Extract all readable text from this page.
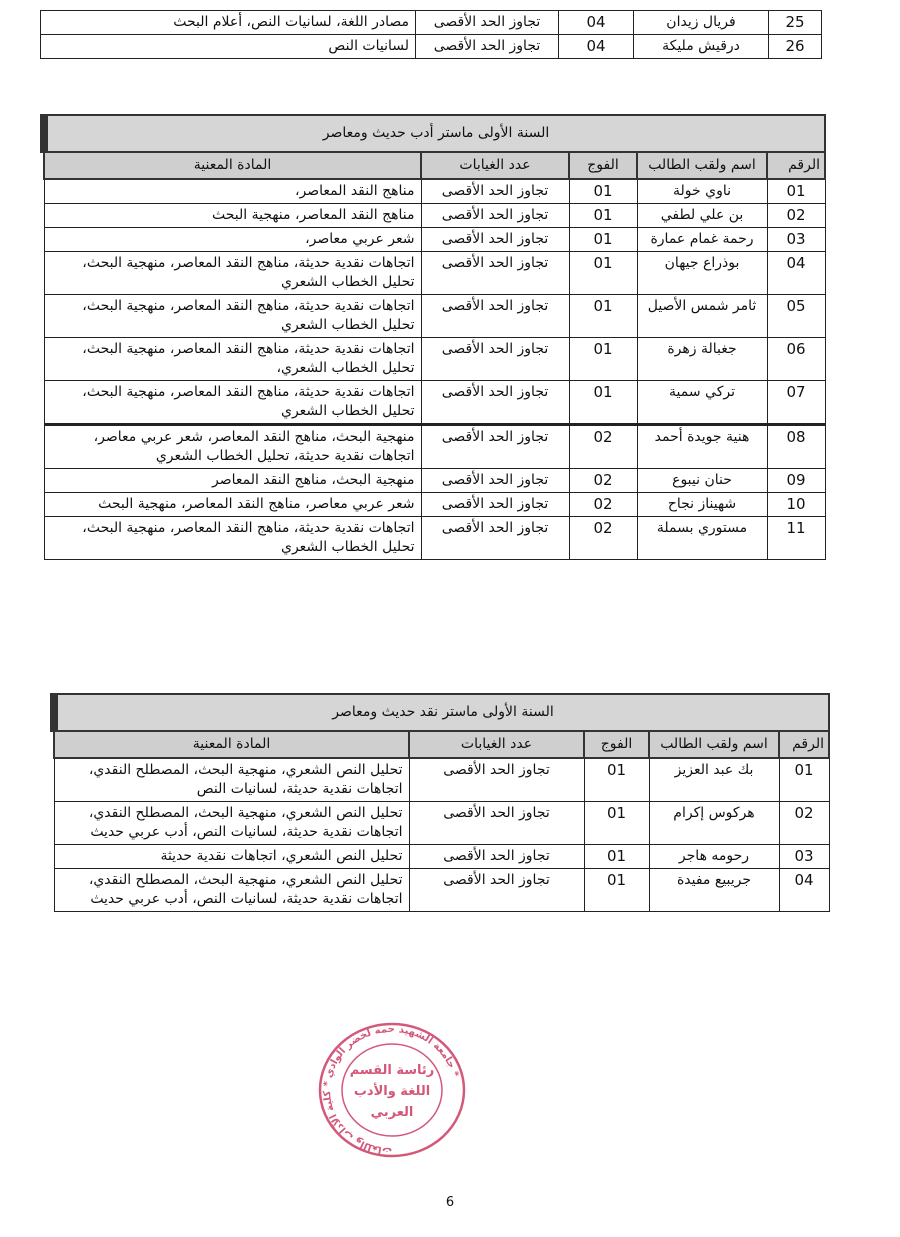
25	فريال زيدان	04	تجاوز الحد الأقصى	مصادر اللغة، لسانيات النص، أعلام البحث
26	درقيش مليكة	04	تجاوز الحد الأقصى	لسانيات النص
السنة الأولى ماستر أدب حديث ومعاصر				
الرقم	اسم ولقب الطالب	الفوج	عدد الغيابات	المادة المعنية
01	ناوي خولة	01	تجاوز الحد الأقصى	مناهج النقد المعاصر،
02	بن علي لطفي	01	تجاوز الحد الأقصى	مناهج النقد المعاصر، منهجية البحث
03	رحمة غمام عمارة	01	تجاوز الحد الأقصى	شعر عربي معاصر،
04	بوذراع جيهان	01	تجاوز الحد الأقصى	اتجاهات نقدية حديثة، مناهج النقد المعاصر، منهجية البحث، تحليل الخطاب الشعري
05	ثامر شمس الأصيل	01	تجاوز الحد الأقصى	اتجاهات نقدية حديثة، مناهج النقد المعاصر، منهجية البحث، تحليل الخطاب الشعري
06	جغبالة زهرة	01	تجاوز الحد الأقصى	اتجاهات نقدية حديثة، مناهج النقد المعاصر، منهجية البحث، تحليل الخطاب الشعري،
07	تركي سمية	01	تجاوز الحد الأقصى	اتجاهات نقدية حديثة، مناهج النقد المعاصر، منهجية البحث، تحليل الخطاب الشعري
08	هنية جويدة أحمد	02	تجاوز الحد الأقصى	منهجية البحث، مناهج النقد المعاصر، شعر عربي معاصر، اتجاهات نقدية حديثة، تحليل الخطاب الشعري
09	حنان نيبوع	02	تجاوز الحد الأقصى	منهجية البحث، مناهج النقد المعاصر
10	شهيناز نجاح	02	تجاوز الحد الأقصى	شعر عربي معاصر، مناهج النقد المعاصر، منهجية البحث
11	مستوري بسملة	02	تجاوز الحد الأقصى	اتجاهات نقدية حديثة، مناهج النقد المعاصر، منهجية البحث، تحليل الخطاب الشعري
السنة الأولى ماستر نقد حديث ومعاصر				
الرقم	اسم ولقب الطالب	الفوج	عدد الغيابات	المادة المعنية
01	بك عبد العزيز	01	تجاوز الحد الأقصى	تحليل النص الشعري، منهجية البحث، المصطلح النقدي، اتجاهات نقدية حديثة، لسانيات النص
02	هركوس إكرام	01	تجاوز الحد الأقصى	تحليل النص الشعري، منهجية البحث، المصطلح النقدي، اتجاهات نقدية حديثة، لسانيات النص، أدب عربي حديث
03	رحومه هاجر	01	تجاوز الحد الأقصى	تحليل النص الشعري، اتجاهات نقدية حديثة
04	جريبيع مفيدة	01	تجاوز الحد الأقصى	تحليل النص الشعري، منهجية البحث، المصطلح النقدي، اتجاهات نقدية حديثة، لسانيات النص، أدب عربي حديث
جامعة الشهيد حمه لخضر الوادي * كلية الآداب واللغات *
رئاسة القسم
اللغة والأدب
العربي
6
